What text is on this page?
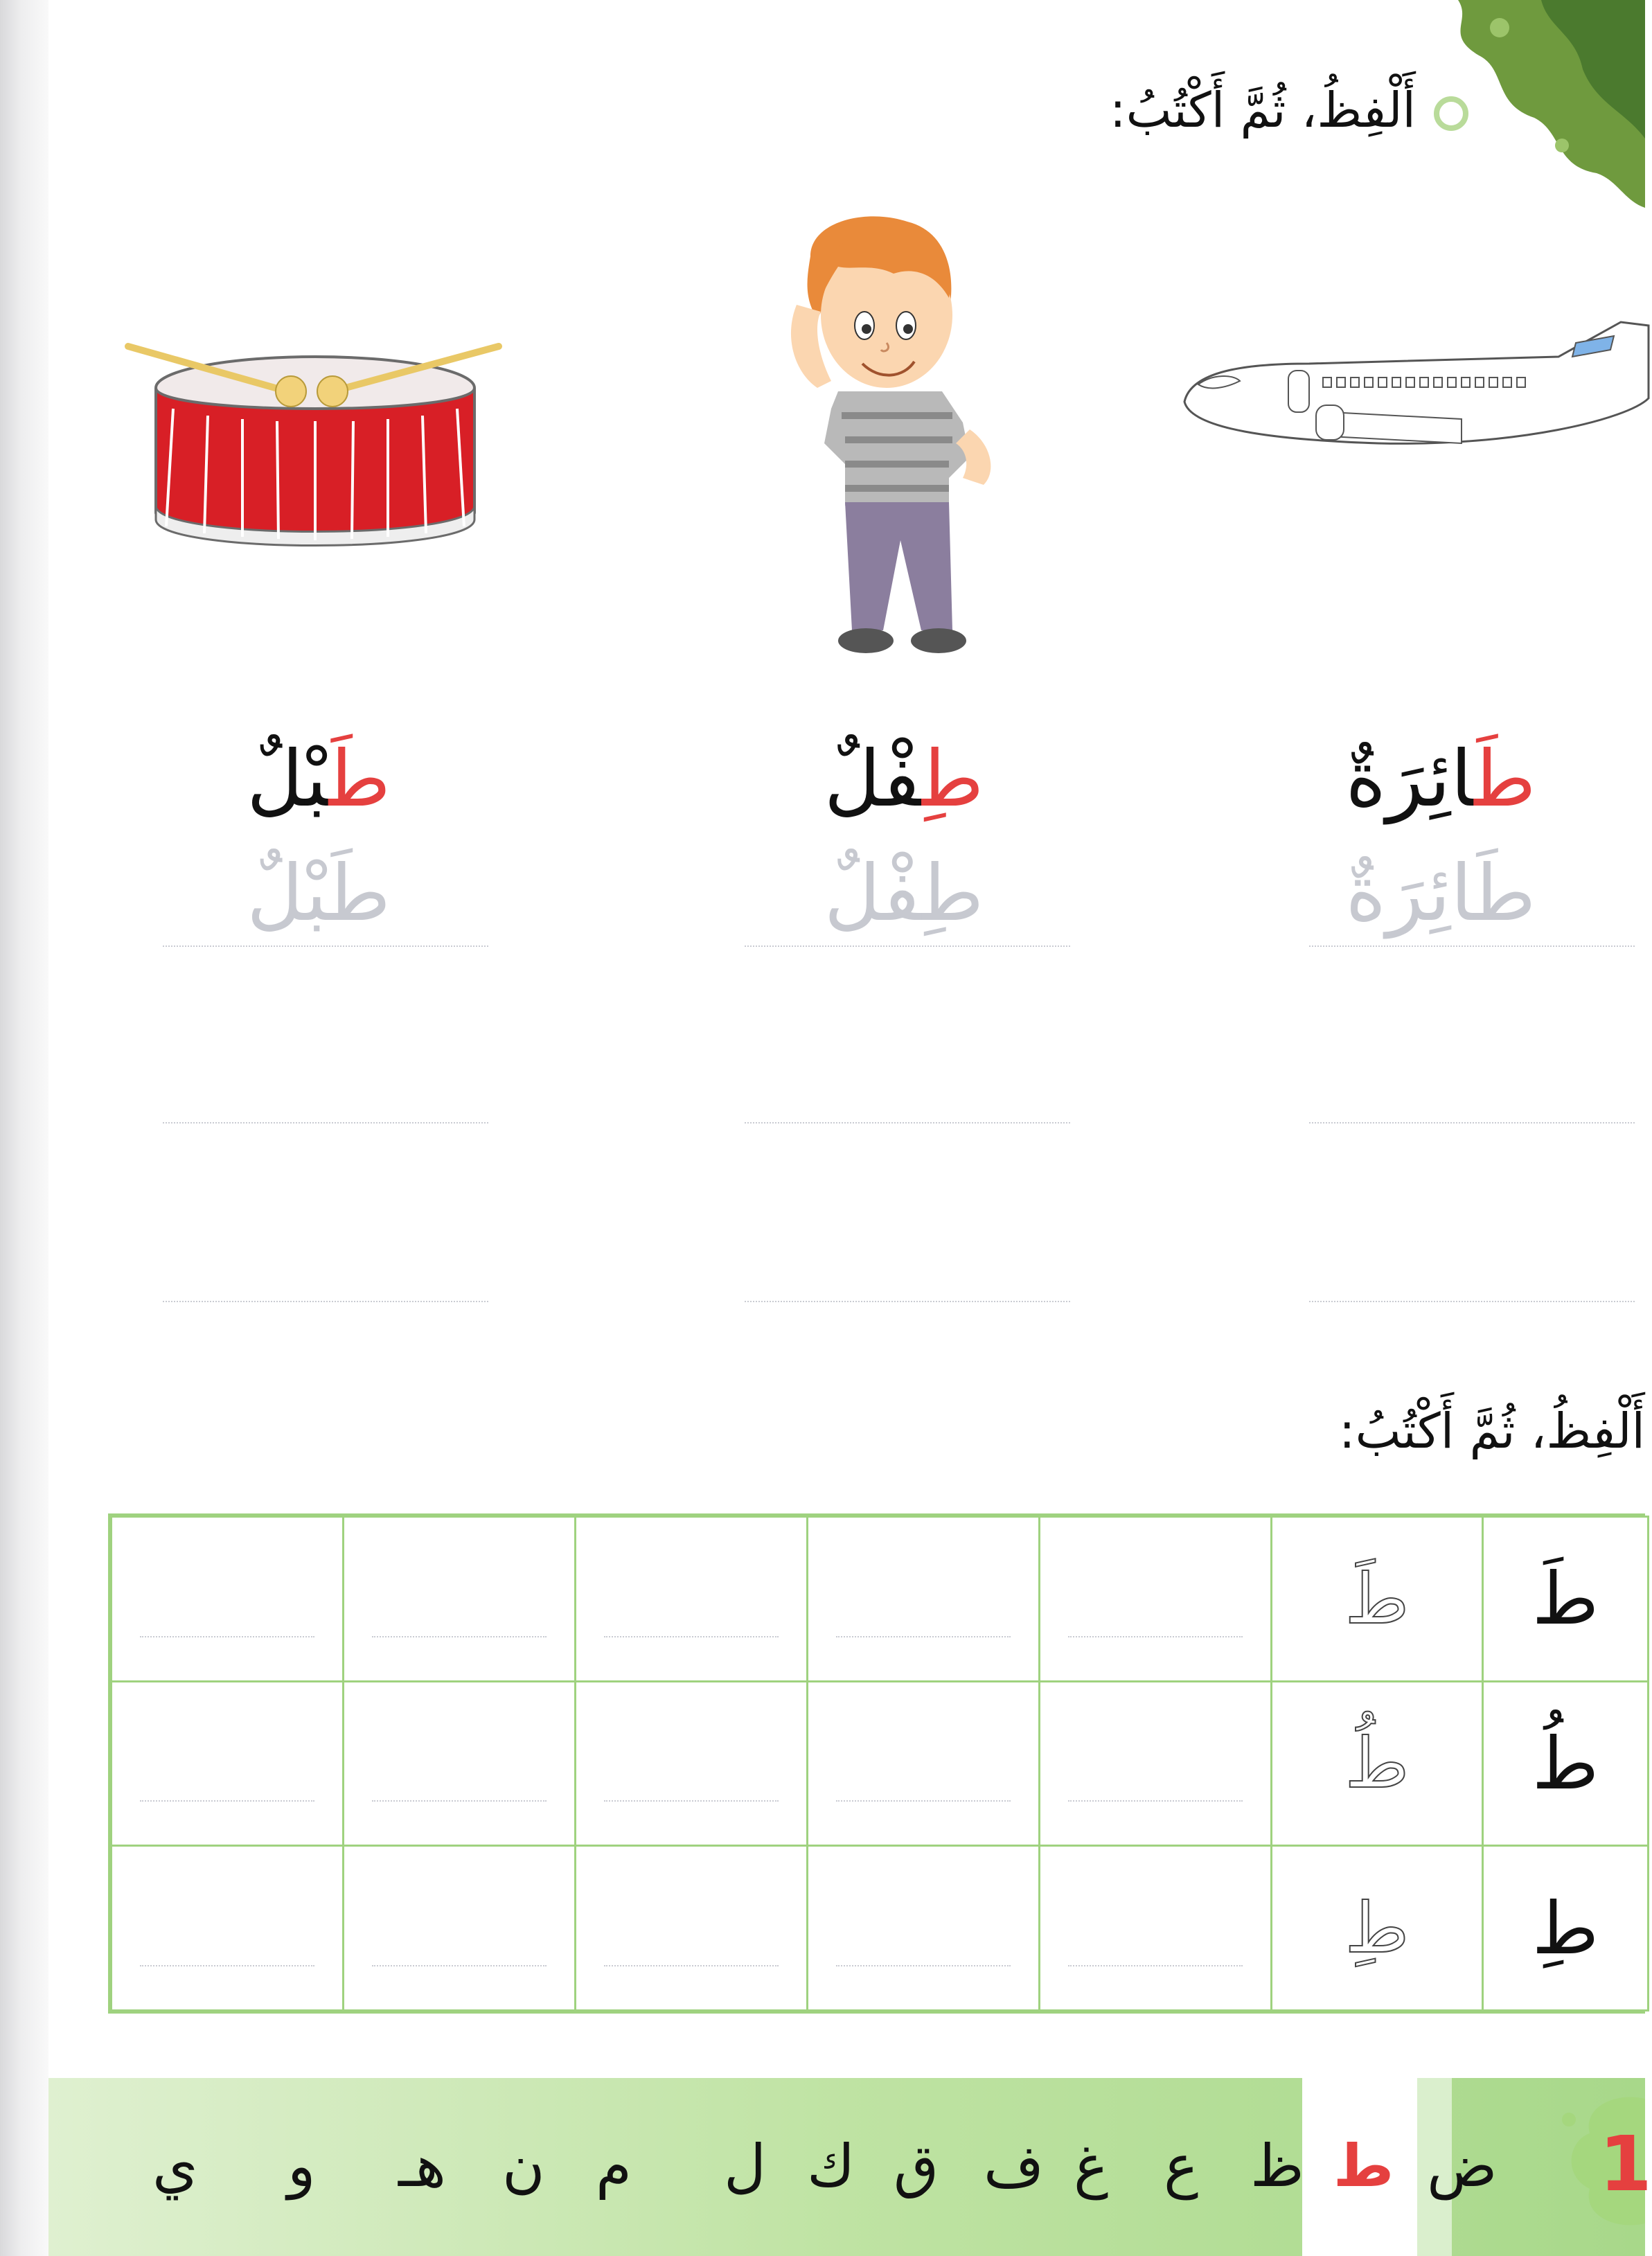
أَلْفِظُ، ثُمَّ أَكْتُبُ:
طَائِرَةٌ
طِفْلٌ
طَبْلٌ
طَائِرَةٌ
طِفْلٌ
طَبْلٌ
أَلْفِظُ، ثُمَّ أَكْتُبُ:

	طَ	طَ

	طُ	طُ

	طِ	طِ
ض
ط
ظ
ع
غ
ف
ق
ك
ل
م
ن
هـ
و
ي	1
